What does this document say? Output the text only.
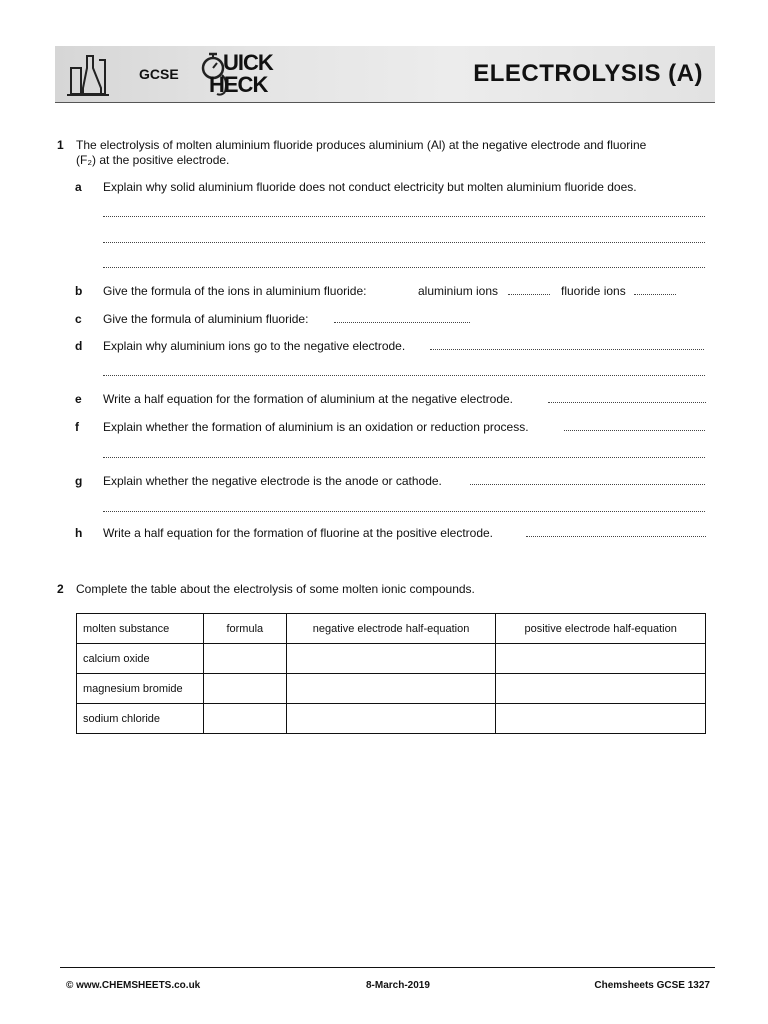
GCSE UICK
HECK	ELECTROLYSIS (A)
1 The electrolysis of molten aluminium fluoride produces aluminium (Al) at the negative electrode and fluorine
(F₂) at the positive electrode.
a Explain why solid aluminium fluoride does not conduct electricity but molten aluminium fluoride does.
b Give the formula of the ions in aluminium fluoride:	aluminium ions	fluoride ions
c Give the formula of aluminium fluoride:
d Explain why aluminium ions go to the negative electrode.
e Write a half equation for the formation of aluminium at the negative electrode.
f Explain whether the formation of aluminium is an oxidation or reduction process.
g Explain whether the negative electrode is the anode or cathode.
h Write a half equation for the formation of fluorine at the positive electrode.
2 Complete the table about the electrolysis of some molten ionic compounds.
molten substance	formula	negative electrode half-equation	positive electrode half-equation
calcium oxide			
magnesium bromide			
sodium chloride			
© www.CHEMSHEETS.co.uk	8-March-2019	Chemsheets GCSE 1327
